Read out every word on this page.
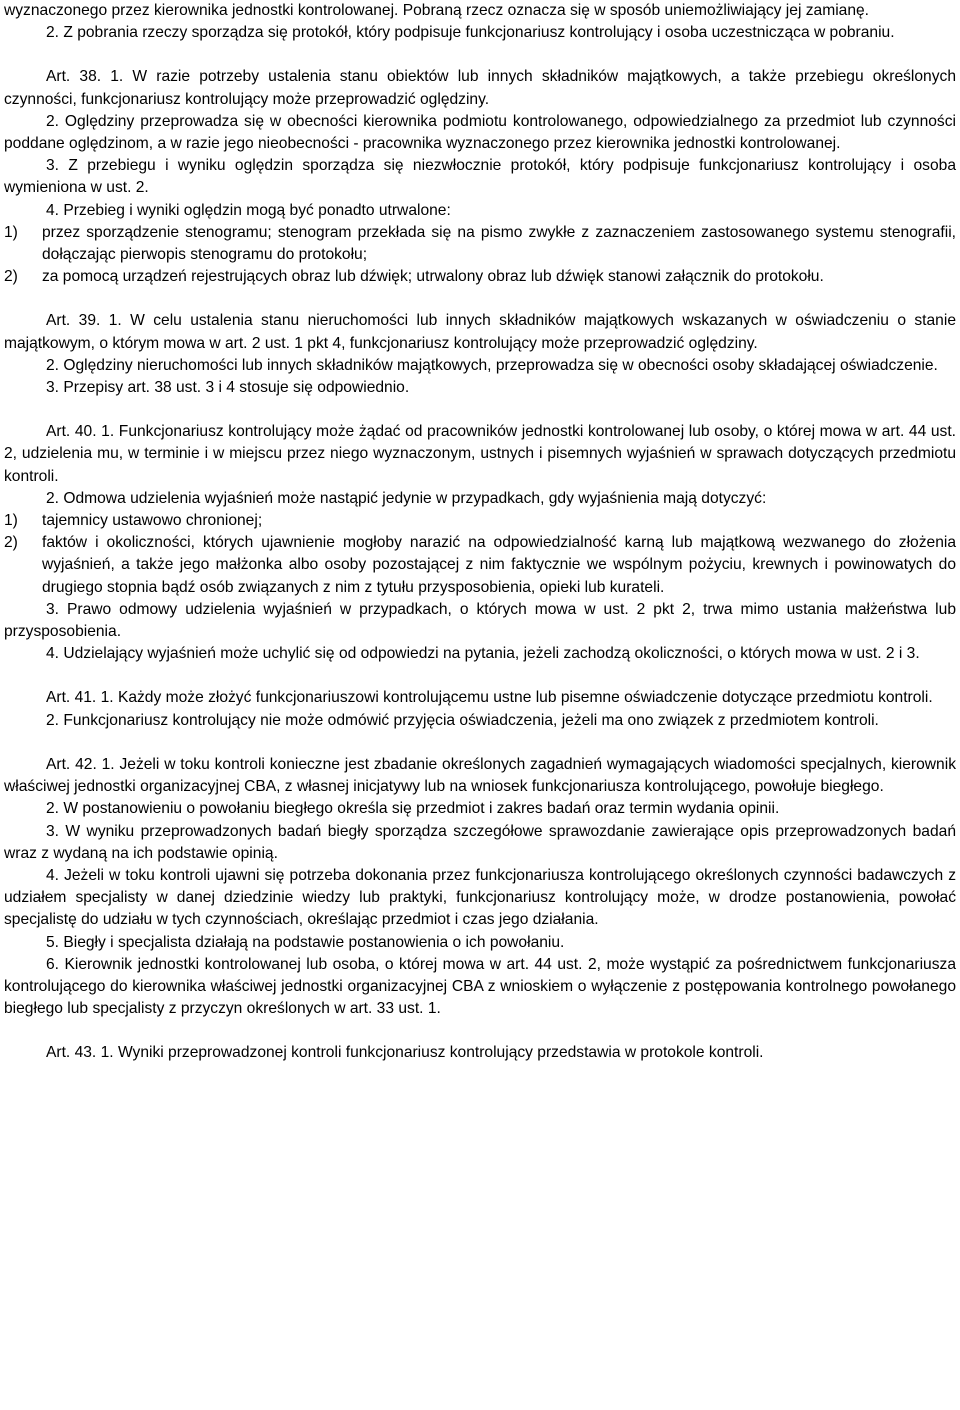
wyznaczonego przez kierownika jednostki kontrolowanej. Pobraną rzecz oznacza się w sposób uniemożliwiający jej zamianę.

2. Z pobrania rzeczy sporządza się protokół, który podpisuje funkcjonariusz kontrolujący i osoba uczestnicząca w pobraniu.

Art. 38. 1. W razie potrzeby ustalenia stanu obiektów lub innych składników majątkowych, a także przebiegu określonych czynności, funkcjonariusz kontrolujący może przeprowadzić oględziny.

2. Oględziny przeprowadza się w obecności kierownika podmiotu kontrolowanego, odpowiedzialnego za przedmiot lub czynności poddane oględzinom, a w razie jego nieobecności - pracownika wyznaczonego przez kierownika jednostki kontrolowanej.

3. Z przebiegu i wyniku oględzin sporządza się niezwłocznie protokół, który podpisuje funkcjonariusz kontrolujący i osoba wymieniona w ust. 2.

4. Przebieg i wyniki oględzin mogą być ponadto utrwalone:

1)	przez sporządzenie stenogramu; stenogram przekłada się na pismo zwykłe z zaznaczeniem zastosowanego systemu stenografii, dołączając pierwopis stenogramu do protokołu;
2)	za pomocą urządzeń rejestrujących obraz lub dźwięk; utrwalony obraz lub dźwięk stanowi załącznik do protokołu.

Art. 39. 1. W celu ustalenia stanu nieruchomości lub innych składników majątkowych wskazanych w oświadczeniu o stanie majątkowym, o którym mowa w art. 2 ust. 1 pkt 4, funkcjonariusz kontrolujący może przeprowadzić oględziny.

2. Oględziny nieruchomości lub innych składników majątkowych, przeprowadza się w obecności osoby składającej oświadczenie.

3. Przepisy art. 38 ust. 3 i 4 stosuje się odpowiednio.

Art. 40. 1. Funkcjonariusz kontrolujący może żądać od pracowników jednostki kontrolowanej lub osoby, o której mowa w art. 44 ust. 2, udzielenia mu, w terminie i w miejscu przez niego wyznaczonym, ustnych i pisemnych wyjaśnień w sprawach dotyczących przedmiotu kontroli.

2. Odmowa udzielenia wyjaśnień może nastąpić jedynie w przypadkach, gdy wyjaśnienia mają dotyczyć:

1)	tajemnicy ustawowo chronionej;
2)	faktów i okoliczności, których ujawnienie mogłoby narazić na odpowiedzialność karną lub majątkową wezwanego do złożenia wyjaśnień, a także jego małżonka albo osoby pozostającej z nim faktycznie we wspólnym pożyciu, krewnych i powinowatych do drugiego stopnia bądź osób związanych z nim z tytułu przysposobienia, opieki lub kurateli.

3. Prawo odmowy udzielenia wyjaśnień w przypadkach, o których mowa w ust. 2 pkt 2, trwa mimo ustania małżeństwa lub przysposobienia.

4. Udzielający wyjaśnień może uchylić się od odpowiedzi na pytania, jeżeli zachodzą okoliczności, o których mowa w ust. 2 i 3.

Art. 41. 1. Każdy może złożyć funkcjonariuszowi kontrolującemu ustne lub pisemne oświadczenie dotyczące przedmiotu kontroli.

2. Funkcjonariusz kontrolujący nie może odmówić przyjęcia oświadczenia, jeżeli ma ono związek z przedmiotem kontroli.

Art. 42. 1. Jeżeli w toku kontroli konieczne jest zbadanie określonych zagadnień wymagających wiadomości specjalnych, kierownik właściwej jednostki organizacyjnej CBA, z własnej inicjatywy lub na wniosek funkcjonariusza kontrolującego, powołuje biegłego.

2. W postanowieniu o powołaniu biegłego określa się przedmiot i zakres badań oraz termin wydania opinii.

3. W wyniku przeprowadzonych badań biegły sporządza szczegółowe sprawozdanie zawierające opis przeprowadzonych badań wraz z wydaną na ich podstawie opinią.

4. Jeżeli w toku kontroli ujawni się potrzeba dokonania przez funkcjonariusza kontrolującego określonych czynności badawczych z udziałem specjalisty w danej dziedzinie wiedzy lub praktyki, funkcjonariusz kontrolujący może, w drodze postanowienia, powołać specjalistę do udziału w tych czynnościach, określając przedmiot i czas jego działania.

5. Biegły i specjalista działają na podstawie postanowienia o ich powołaniu.

6. Kierownik jednostki kontrolowanej lub osoba, o której mowa w art. 44 ust. 2, może wystąpić za pośrednictwem funkcjonariusza kontrolującego do kierownika właściwej jednostki organizacyjnej CBA z wnioskiem o wyłączenie z postępowania kontrolnego powołanego biegłego lub specjalisty z przyczyn określonych w art. 33 ust. 1.

Art. 43. 1. Wyniki przeprowadzonej kontroli funkcjonariusz kontrolujący przedstawia w protokole kontroli.
